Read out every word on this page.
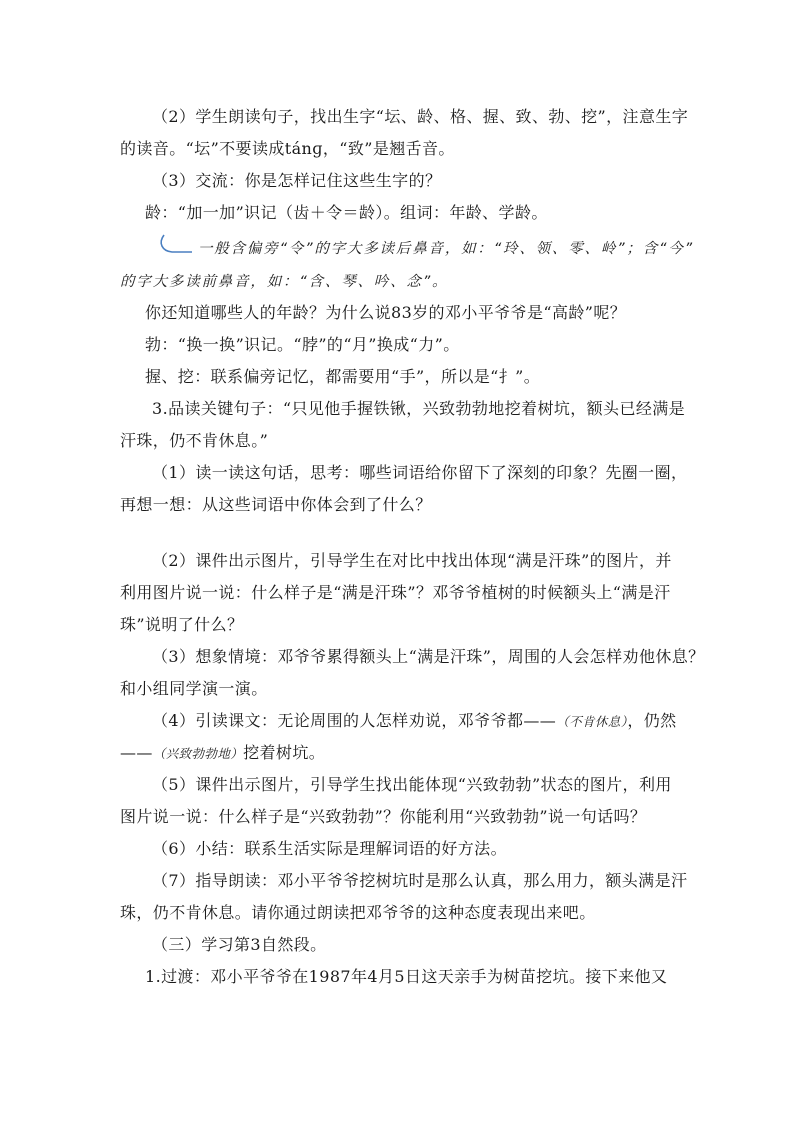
（2）学生朗读句子，找出生字“坛、龄、格、握、致、勃、挖”，注意生字
的读音。“坛”不要读成tánɡ，“致”是翘舌音。
（3）交流：你是怎样记住这些生字的？
龄：“加一加”识记（齿＋令＝龄）。组词：年龄、学龄。
一般含偏旁“令”的字大多读后鼻音，如：“玲、领、零、岭”；含“今”
的字大多读前鼻音，如：“含、琴、吟、念”。
你还知道哪些人的年龄？为什么说83岁的邓小平爷爷是“高龄”呢？
勃：“换一换”识记。“脖”的“月”换成“力”。
握、挖：联系偏旁记忆，都需要用“手”，所以是“扌”。
3.品读关键句子：“只见他手握铁锹，兴致勃勃地挖着树坑，额头已经满是
汗珠，仍不肯休息。”
（1）读一读这句话，思考：哪些词语给你留下了深刻的印象？先圈一圈，
再想一想：从这些词语中你体会到了什么？
（2）课件出示图片，引导学生在对比中找出体现“满是汗珠”的图片，并
利用图片说一说：什么样子是“满是汗珠”？邓爷爷植树的时候额头上“满是汗
珠”说明了什么？
（3）想象情境：邓爷爷累得额头上“满是汗珠”，周围的人会怎样劝他休息？
和小组同学演一演。
（4）引读课文：无论周围的人怎样劝说，邓爷爷都——（不肯休息），仍然
——（兴致勃勃地）挖着树坑。
（5）课件出示图片，引导学生找出能体现“兴致勃勃”状态的图片，利用
图片说一说：什么样子是“兴致勃勃”？你能利用“兴致勃勃”说一句话吗？
（6）小结：联系生活实际是理解词语的好方法。
（7）指导朗读：邓小平爷爷挖树坑时是那么认真，那么用力，额头满是汗
珠，仍不肯休息。请你通过朗读把邓爷爷的这种态度表现出来吧。
（三）学习第3自然段。
1.过渡：邓小平爷爷在1987年4月5日这天亲手为树苗挖坑。接下来他又
